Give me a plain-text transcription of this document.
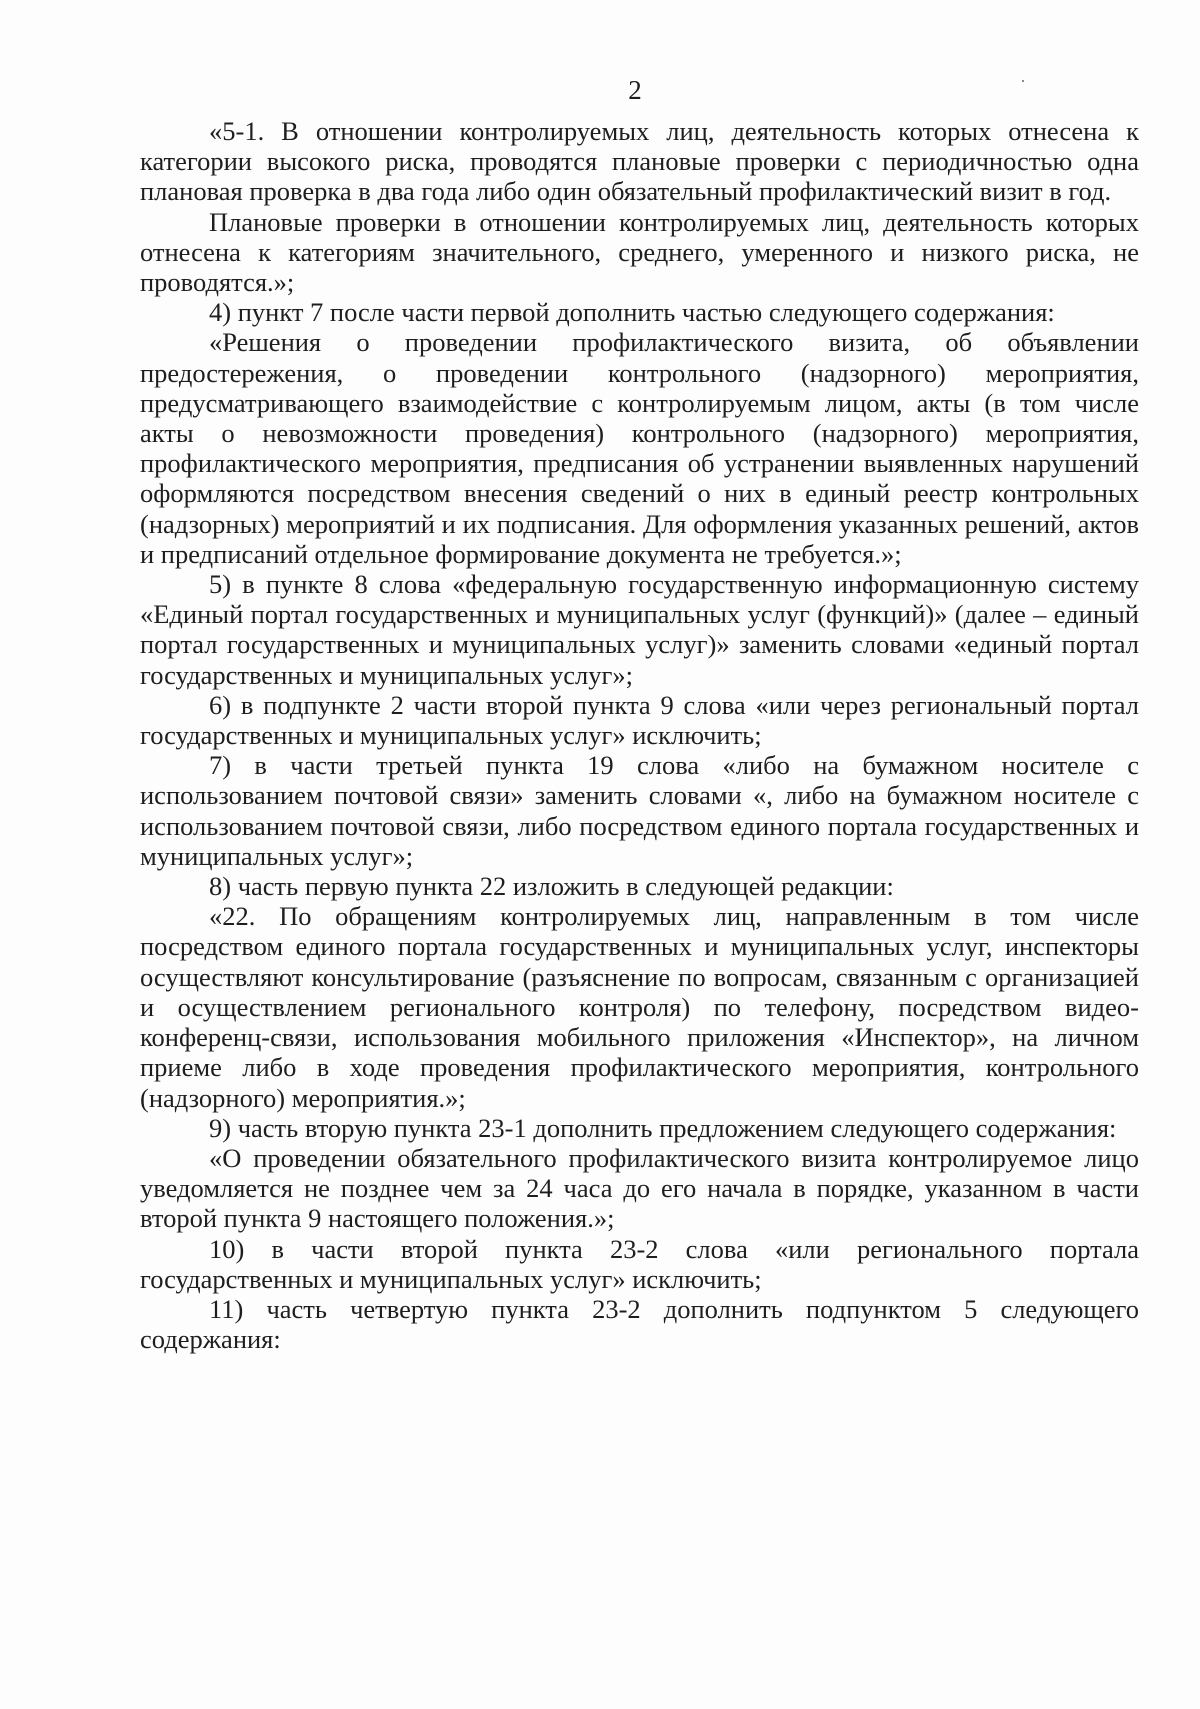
2

«5-1. В отношении контролируемых лиц, деятельность которых отнесена к категории высокого риска, проводятся плановые проверки с периодичностью одна плановая проверка в два года либо один обязательный профилактический визит в год.

Плановые проверки в отношении контролируемых лиц, деятельность которых отнесена к категориям значительного, среднего, умеренного и низкого риска, не проводятся.»;

4) пункт 7 после части первой дополнить частью следующего содержания:

«Решения о проведении профилактического визита, об объявлении предостережения, о проведении контрольного (надзорного) мероприятия, предусматривающего взаимодействие с контролируемым лицом, акты (в том числе акты о невозможности проведения) контрольного (надзорного) мероприятия, профилактического мероприятия, предписания об устранении выявленных нарушений оформляются посредством внесения сведений о них в единый реестр контрольных (надзорных) мероприятий и их подписания. Для оформления указанных решений, актов и предписаний отдельное формирование документа не требуется.»;

5) в пункте 8 слова «федеральную государственную информационную систему «Единый портал государственных и муниципальных услуг (функций)» (далее – единый портал государственных и муниципальных услуг)» заменить словами «единый портал государственных и муниципальных услуг»;

6) в подпункте 2 части второй пункта 9 слова «или через региональный портал государственных и муниципальных услуг» исключить;

7) в части третьей пункта 19 слова «либо на бумажном носителе с использованием почтовой связи» заменить словами «, либо на бумажном носителе с использованием почтовой связи, либо посредством единого портала государственных и муниципальных услуг»;

8) часть первую пункта 22 изложить в следующей редакции:

«22. По обращениям контролируемых лиц, направленным в том числе посредством единого портала государственных и муниципальных услуг, инспекторы осуществляют консультирование (разъяснение по вопросам, связанным с организацией и осуществлением регионального контроля) по телефону, посредством видео-конференц-связи, использования мобильного приложения «Инспектор», на личном приеме либо в ходе проведения профилактического мероприятия, контрольного (надзорного) мероприятия.»;

9) часть вторую пункта 23-1 дополнить предложением следующего содержания:

«О проведении обязательного профилактического визита контролируемое лицо уведомляется не позднее чем за 24 часа до его начала в порядке, указанном в части второй пункта 9 настоящего положения.»;

10) в части второй пункта 23-2 слова «или регионального портала государственных и муниципальных услуг» исключить;

11) часть четвертую пункта 23-2 дополнить подпунктом 5 следующего содержания:
